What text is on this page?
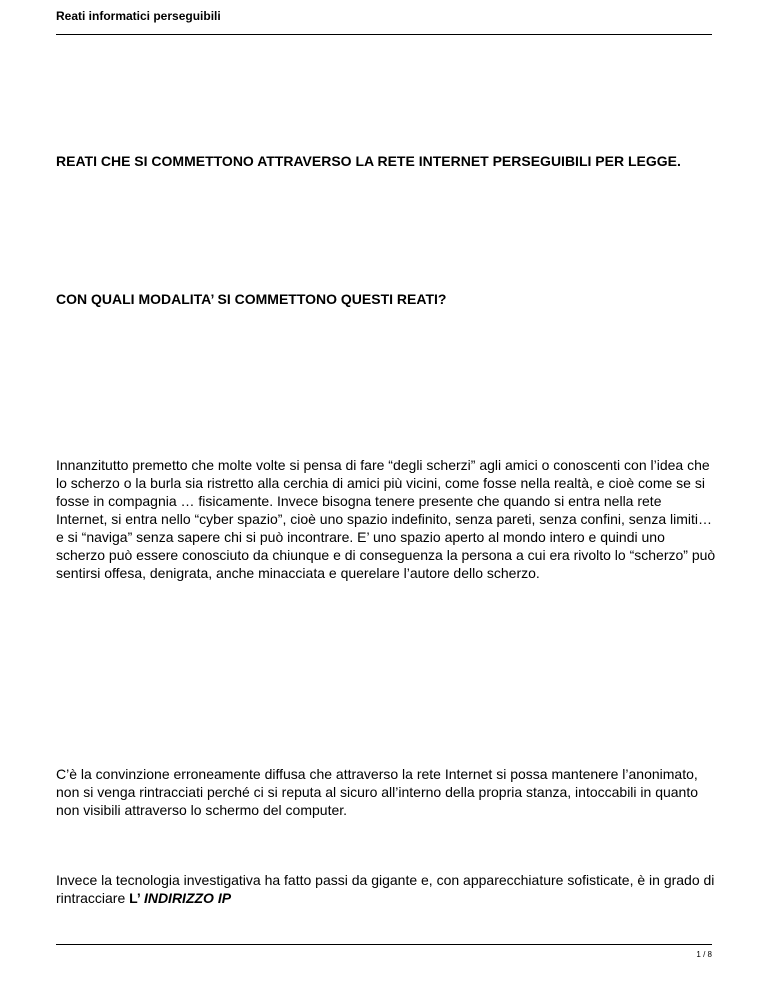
Reati informatici perseguibili
REATI CHE SI COMMETTONO ATTRAVERSO LA RETE INTERNET PERSEGUIBILI PER LEGGE.
CON QUALI MODALITA’ SI COMMETTONO QUESTI REATI?
Innanzitutto premetto che molte volte si pensa di fare “degli scherzi” agli amici o conoscenti con l’idea che lo scherzo o la burla sia ristretto alla cerchia di amici più vicini, come fosse nella realtà, e cioè come se si fosse in compagnia … fisicamente. Invece bisogna tenere presente che quando si entra nella rete Internet, si entra nello “cyber spazio”, cioè uno spazio indefinito, senza pareti, senza confini, senza limiti… e si “naviga” senza sapere chi si può incontrare. E’ uno spazio aperto al mondo intero e quindi uno scherzo può essere conosciuto da chiunque e di conseguenza la persona a cui era rivolto lo “scherzo” può sentirsi offesa, denigrata, anche minacciata e querelare l’autore dello scherzo.
C’è la convinzione erroneamente diffusa che attraverso la rete Internet si possa mantenere l’anonimato, non si venga rintracciati perché ci si reputa al sicuro all’interno della propria stanza, intoccabili in quanto non visibili attraverso lo schermo del computer.
Invece la tecnologia investigativa ha fatto passi da gigante e, con apparecchiature sofisticate, è in grado di rintracciare L’ INDIRIZZO IP
1 / 8
